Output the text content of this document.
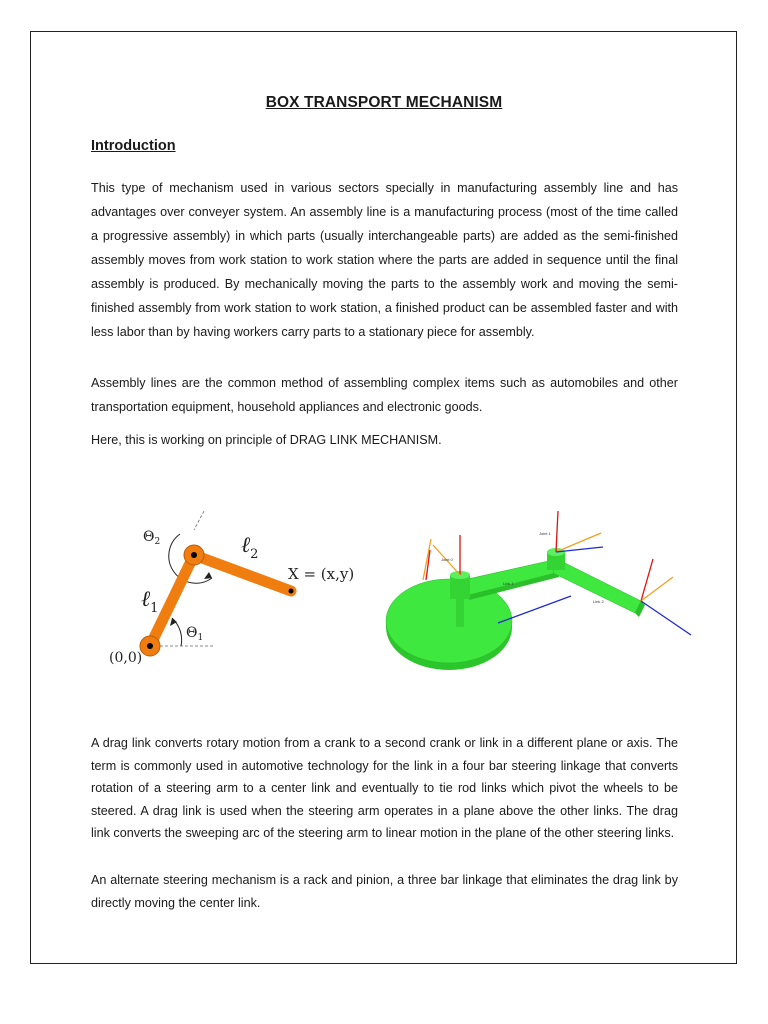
BOX TRANSPORT MECHANISM
Introduction

This type of mechanism used in various sectors specially in manufacturing assembly line and has advantages over conveyer system. An assembly line is a manufacturing process (most of the time called a progressive assembly) in which parts (usually interchangeable parts) are added as the semi-finished assembly moves from work station to work station where the parts are added in sequence until the final assembly is produced. By mechanically moving the parts to the assembly work and moving the semi-finished assembly from work station to work station, a finished product can be assembled faster and with less labor than by having workers carry parts to a stationary piece for assembly.

Assembly lines are the common method of assembling complex items such as automobiles and other transportation equipment, household appliances and electronic goods.

Here, this is working on principle of DRAG LINK MECHANISM.

$\Theta_2$	ℓ$_2$
X = (x,y)
ℓ$_1$
$\Theta_1$
(0,0)
Joint 0
Joint 1
Link 1
Link 2

A drag link converts rotary motion from a crank to a second crank or link in a different plane or axis. The term is commonly used in automotive technology for the link in a four bar steering linkage that converts rotation of a steering arm to a center link and eventually to tie rod links which pivot the wheels to be steered. A drag link is used when the steering arm operates in a plane above the other links. The drag link converts the sweeping arc of the steering arm to linear motion in the plane of the other steering links.

An alternate steering mechanism is a rack and pinion, a three bar linkage that eliminates the drag link by directly moving the center link.
